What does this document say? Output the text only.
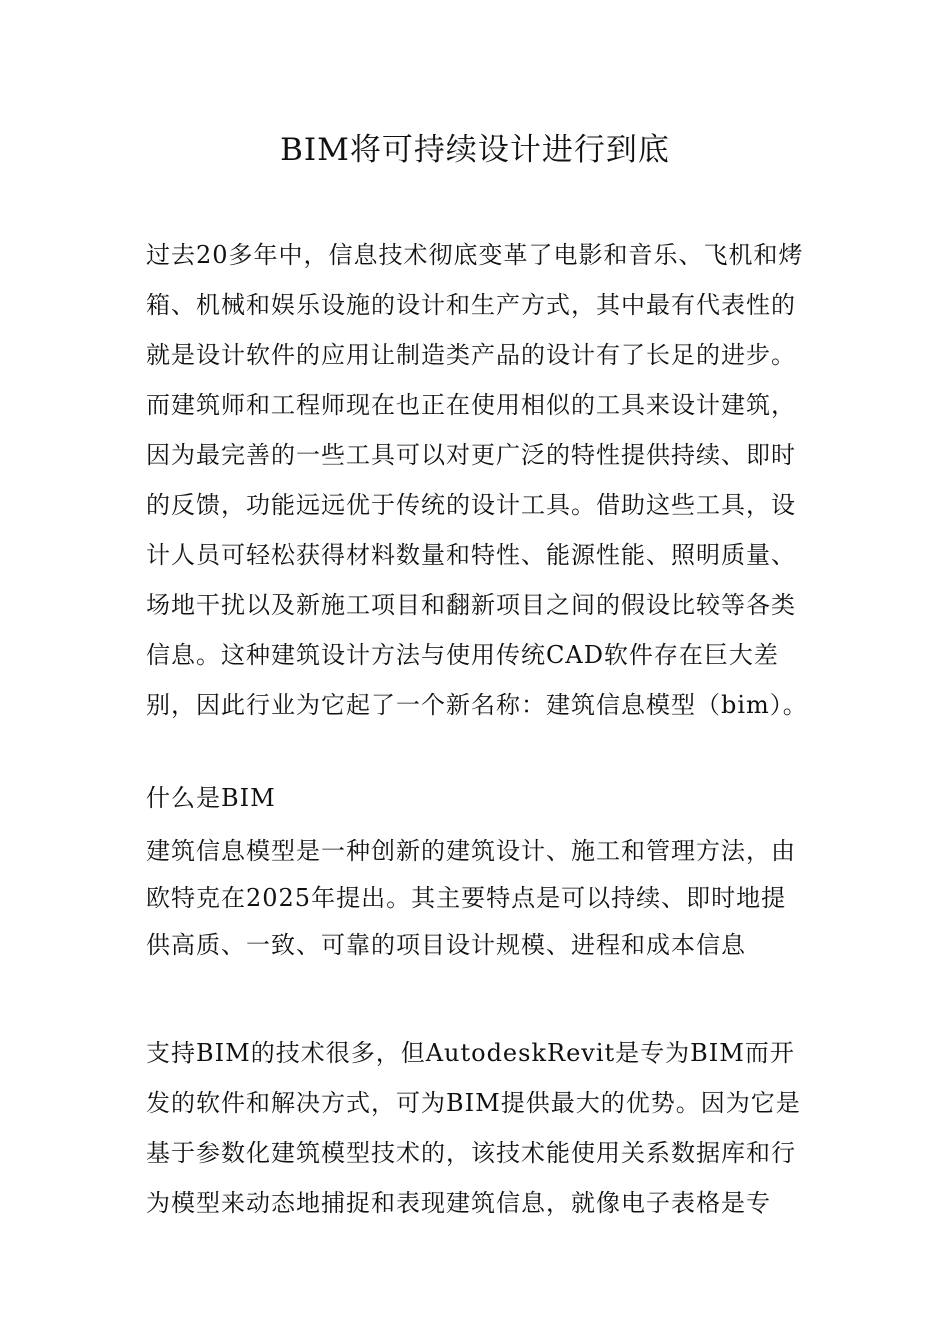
BIM将可持续设计进行到底

过去20多年中，信息技术彻底变革了电影和音乐、飞机和烤箱、机械和娱乐设施的设计和生产方式，其中最有代表性的就是设计软件的应用让制造类产品的设计有了长足的进步。而建筑师和工程师现在也正在使用相似的工具来设计建筑，因为最完善的一些工具可以对更广泛的特性提供持续、即时的反馈，功能远远优于传统的设计工具。借助这些工具，设计人员可轻松获得材料数量和特性、能源性能、照明质量、场地干扰以及新施工项目和翻新项目之间的假设比较等各类信息。这种建筑设计方法与使用传统CAD软件存在巨大差别，因此行业为它起了一个新名称：建筑信息模型（bim）。

什么是BIM

建筑信息模型是一种创新的建筑设计、施工和管理方法，由欧特克在2025年提出。其主要特点是可以持续、即时地提供高质、一致、可靠的项目设计规模、进程和成本信息

支持BIM的技术很多，但AutodeskRevit是专为BIM而开发的软件和解决方式，可为BIM提供最大的优势。因为它是基于参数化建筑模型技术的，该技术能使用关系数据库和行为模型来动态地捕捉和表现建筑信息，就像电子表格是专
